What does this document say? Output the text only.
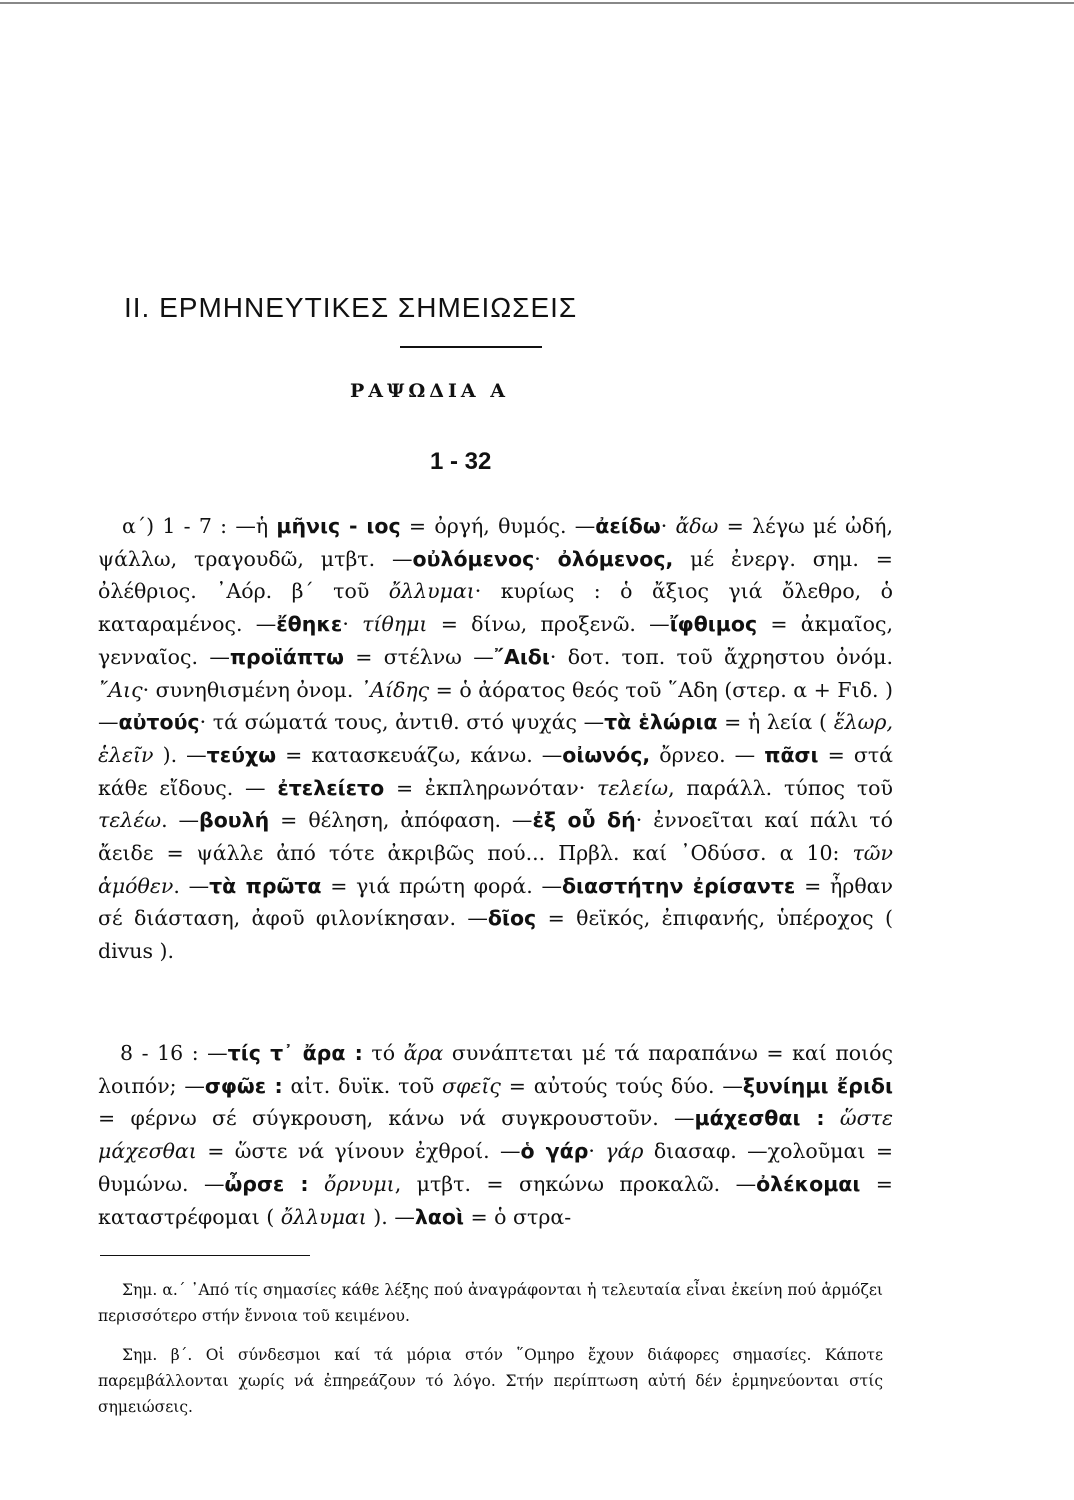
II. ΕΡΜΗΝΕΥΤΙΚΕΣ ΣΗΜΕΙΩΣΕΙΣ
ΡΑΨΩΔΙΑ Α
1 - 32
α΄) 1 - 7 : —ἡ μῆνις - ιος = ὀργή, θυμός. —ἀείδω· ἄδω = λέγω μέ ὠδή, ψάλλω, τραγουδῶ, μτβτ. —οὐλόμενος· ὀλόμενος, μέ ἐνεργ. σημ. = ὀλέθριος. ᾿Αόρ. β΄ τοῦ ὄλλυμαι· κυρίως : ὁ ἄξιος γιά ὄλεθρο, ὁ καταραμένος. —ἔθηκε· τίθημι = δίνω, προξενῶ. —ἴφθιμος = ἀκμαῖος, γενναῖος. —προϊάπτω = στέλνω —῎Αιδι· δοτ. τοπ. τοῦ ἄχρηστου ὀνόμ. ῎Αις· συνηθισμένη ὀνομ. ᾿Αίδης = ὁ ἀόρατος θεός τοῦ ῞Αδη (στερ. α + Fιδ. ) —αὐτούς· τά σώματά τους, ἀντιθ. στό ψυχάς —τὰ ἑλώρια = ἡ λεία ( ἕλωρ, ἑλεῖν ). —τεύχω = κατασκευάζω, κάνω. —οἰωνός, ὄρνεο. — πᾶσι = στά κάθε εἴδους. — ἐτελείετο = ἐκπληρωνόταν· τελείω, παράλλ. τύπος τοῦ τελέω. —βουλή = θέληση, ἀπόφαση. —ἐξ οὗ δή· ἐννοεῖται καί πάλι τό ἄειδε = ψάλλε ἀπό τότε ἀκριβῶς πού... Πρβλ. καί ᾿Οδύσσ. α 10: τῶν ἁμόθεν. —τὰ πρῶτα = γιά πρώτη φορά. —διαστήτην ἐρίσαντε = ἦρθαν σέ διάσταση, ἀφοῦ φιλονίκησαν. —δῖος = θεϊκός, ἐπιφανής, ὑπέροχος ( divus ).
8 - 16 : —τίς τ᾿ ἄρα : τό ἄρα συνάπτεται μέ τά παραπάνω = καί ποιός λοιπόν; —σφῶε : αἰτ. δυϊκ. τοῦ σφεῖς = αὐτούς τούς δύο. —ξυνίημι ἔριδι = φέρνω σέ σύγκρουση, κάνω νά συγκρουστοῦν. —μάχεσθαι : ὥστε μάχεσθαι = ὥστε νά γίνουν ἐχθροί. —ὁ γάρ· γάρ διασαφ. —χολοῦμαι = θυμώνω. —ὦρσε : ὄρνυμι, μτβτ. = σηκώνω προκαλῶ. —ὀλέκομαι = καταστρέφομαι ( ὄλλυμαι ). —λαοὶ = ὁ στρα-
Σημ. α.΄ ᾿Από τίς σημασίες κάθε λέξης πού ἀναγράφονται ἡ τελευταία εἶναι ἐκείνη πού ἁρμόζει περισσότερο στήν ἔννοια τοῦ κειμένου.
Σημ. β΄. Οἱ σύνδεσμοι καί τά μόρια στόν ῞Ομηρο ἔχουν διάφορες σημασίες. Κάποτε παρεμβάλλονται χωρίς νά ἐπηρεάζουν τό λόγο. Στήν περίπτωση αὐτή δέν ἑρμηνεύονται στίς σημειώσεις.
